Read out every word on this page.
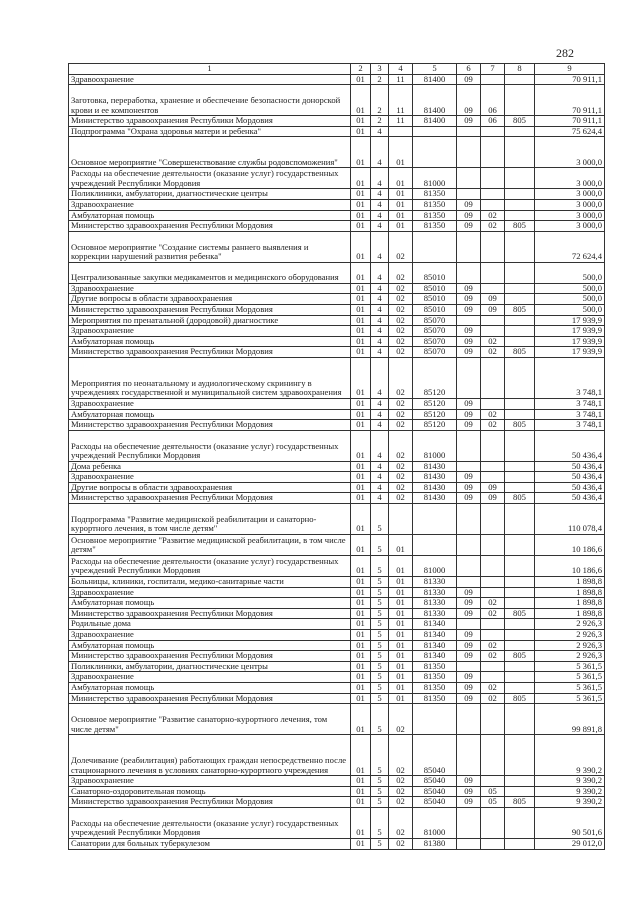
282
1	2	3	4	5	6	7	8	9
Здравоохранение	01	2	11	81400	09			70 911,1
Заготовка, переработка, хранение и обеспечение безопасности донорской крови и ее компонентов	01	2	11	81400	09	06		70 911,1
Министерство здравоохранения Республики Мордовия	01	2	11	81400	09	06	805	70 911,1
Подпрограмма "Охрана здоровья матери и ребенка"	01	4						75 624,4
Основное мероприятие "Совершенствование службы родовспоможения"	01	4	01					3 000,0
Расходы на обеспечение деятельности (оказание услуг) государственных учреждений Республики Мордовия	01	4	01	81000				3 000,0
Поликлиники, амбулатории, диагностические центры	01	4	01	81350				3 000,0
Здравоохранение	01	4	01	81350	09			3 000,0
Амбулаторная помощь	01	4	01	81350	09	02		3 000,0
Министерство здравоохранения Республики Мордовия	01	4	01	81350	09	02	805	3 000,0
Основное мероприятие "Создание системы раннего выявления и коррекции нарушений развития ребенка"	01	4	02					72 624,4
Централизованные закупки медикаментов и медицинского оборудования	01	4	02	85010				500,0
Здравоохранение	01	4	02	85010	09			500,0
Другие вопросы в области здравоохранения	01	4	02	85010	09	09		500,0
Министерство здравоохранения Республики Мордовия	01	4	02	85010	09	09	805	500,0
Мероприятия по пренатальной (дородовой) диагностике	01	4	02	85070				17 939,9
Здравоохранение	01	4	02	85070	09			17 939,9
Амбулаторная помощь	01	4	02	85070	09	02		17 939,9
Министерство здравоохранения Республики Мордовия	01	4	02	85070	09	02	805	17 939,9
Мероприятия по неонатальному и аудиологическому скринингу в учреждениях государственной и муниципальной систем здравоохранения	01	4	02	85120				3 748,1
Здравоохранение	01	4	02	85120	09			3 748,1
Амбулаторная помощь	01	4	02	85120	09	02		3 748,1
Министерство здравоохранения Республики Мордовия	01	4	02	85120	09	02	805	3 748,1
Расходы на обеспечение деятельности (оказание услуг) государственных учреждений Республики Мордовия	01	4	02	81000				50 436,4
Дома ребенка	01	4	02	81430				50 436,4
Здравоохранение	01	4	02	81430	09			50 436,4
Другие вопросы в области здравоохранения	01	4	02	81430	09	09		50 436,4
Министерство здравоохранения Республики Мордовия	01	4	02	81430	09	09	805	50 436,4
Подпрограмма "Развитие медицинской реабилитации и санаторно-курортного лечения, в том числе детям"	01	5						110 078,4
Основное мероприятие "Развитие медицинской реабилитации, в том числе детям"	01	5	01					10 186,6
Расходы на обеспечение деятельности (оказание услуг) государственных учреждений Республики Мордовия	01	5	01	81000				10 186,6
Больницы, клиники, госпитали, медико-санитарные части	01	5	01	81330				1 898,8
Здравоохранение	01	5	01	81330	09			1 898,8
Амбулаторная помощь	01	5	01	81330	09	02		1 898,8
Министерство здравоохранения Республики Мордовия	01	5	01	81330	09	02	805	1 898,8
Родильные дома	01	5	01	81340				2 926,3
Здравоохранение	01	5	01	81340	09			2 926,3
Амбулаторная помощь	01	5	01	81340	09	02		2 926,3
Министерство здравоохранения Республики Мордовия	01	5	01	81340	09	02	805	2 926,3
Поликлиники, амбулатории, диагностические центры	01	5	01	81350				5 361,5
Здравоохранение	01	5	01	81350	09			5 361,5
Амбулаторная помощь	01	5	01	81350	09	02		5 361,5
Министерство здравоохранения Республики Мордовия	01	5	01	81350	09	02	805	5 361,5
Основное мероприятие "Развитие санаторно-курортного лечения, том числе детям"	01	5	02					99 891,8
Долечивание (реабилитация) работающих граждан непосредственно после стационарного лечения в условиях санаторно-курортного учреждения	01	5	02	85040				9 390,2
Здравоохранение	01	5	02	85040	09			9 390,2
Санаторно-оздоровительная помощь	01	5	02	85040	09	05		9 390,2
Министерство здравоохранения Республики Мордовия	01	5	02	85040	09	05	805	9 390,2
Расходы на обеспечение деятельности (оказание услуг) государственных учреждений Республики Мордовия	01	5	02	81000				90 501,6
Санатории для больных туберкулезом	01	5	02	81380				29 012,0
